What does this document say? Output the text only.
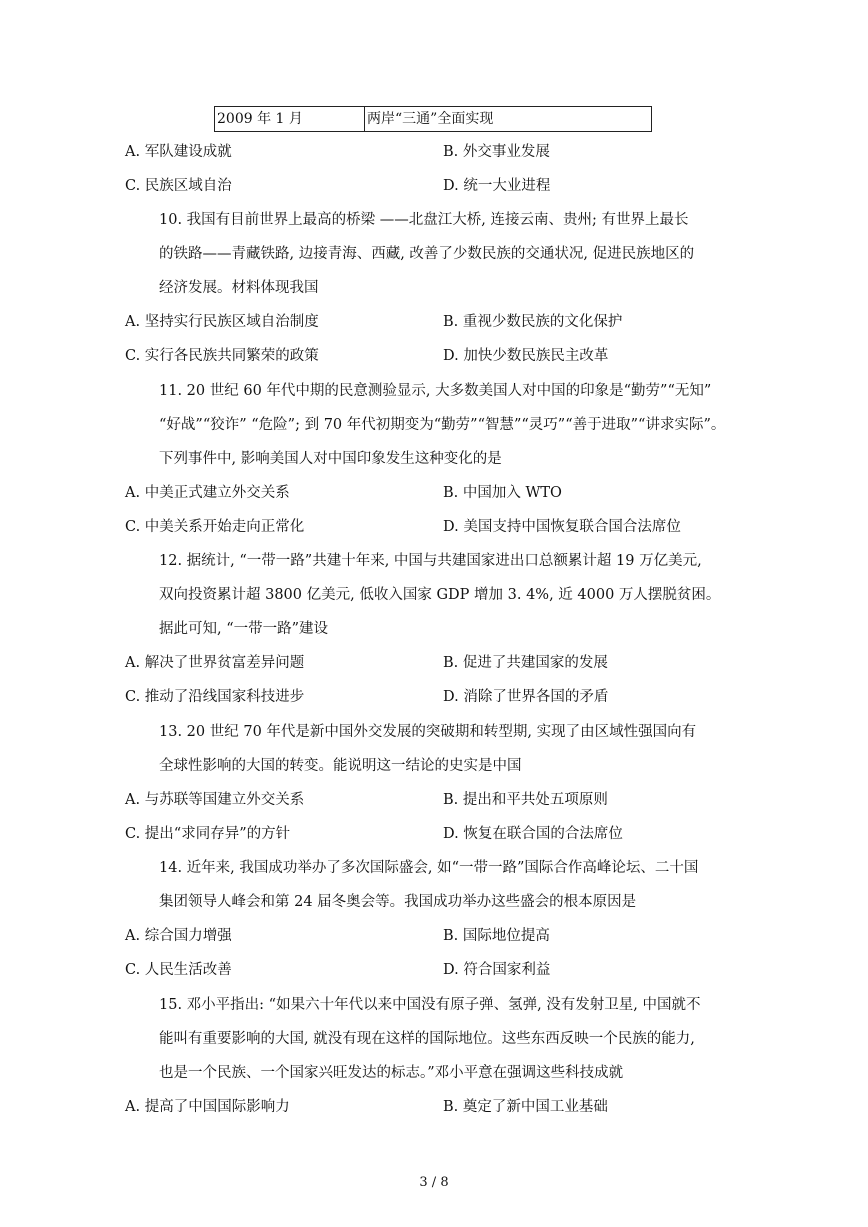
2009 年 1 月	两岸“三通”全面实现
A. 军队建设成就	B. 外交事业发展
C. 民族区域自治	D. 统一大业进程
10. 我国有目前世界上最高的桥梁 ——北盘江大桥, 连接云南、贵州; 有世界上最长
的铁路——青藏铁路, 边接青海、西藏, 改善了少数民族的交通状况, 促进民族地区的
经济发展。材料体现我国
A. 坚持实行民族区域自治制度	B. 重视少数民族的文化保护
C. 实行各民族共同繁荣的政策	D. 加快少数民族民主改革
11. 20 世纪 60 年代中期的民意测验显示, 大多数美国人对中国的印象是“勤劳”“无知”
“好战”“狡诈” “危险”; 到 70 年代初期变为“勤劳”“智慧”“灵巧”“善于进取”“讲求实际”。
下列事件中, 影响美国人对中国印象发生这种变化的是
A. 中美正式建立外交关系	B. 中国加入 WTO
C. 中美关系开始走向正常化	D. 美国支持中国恢复联合国合法席位
12. 据统计, “一带一路”共建十年来, 中国与共建国家进出口总额累计超 19 万亿美元,
双向投资累计超 3800 亿美元, 低收入国家 GDP 增加 3. 4%, 近 4000 万人摆脱贫困。
据此可知, “一带一路”建设
A. 解决了世界贫富差异问题	B. 促进了共建国家的发展
C. 推动了沿线国家科技进步	D. 消除了世界各国的矛盾
13. 20 世纪 70 年代是新中国外交发展的突破期和转型期, 实现了由区域性强国向有
全球性影响的大国的转变。能说明这一结论的史实是中国
A. 与苏联等国建立外交关系	B. 提出和平共处五项原则
C. 提出“求同存异”的方针	D. 恢复在联合国的合法席位
14. 近年来, 我国成功举办了多次国际盛会, 如“一带一路”国际合作高峰论坛、二十国
集团领导人峰会和第 24 届冬奥会等。我国成功举办这些盛会的根本原因是
A. 综合国力增强	B. 国际地位提高
C. 人民生活改善	D. 符合国家利益
15. 邓小平指出: “如果六十年代以来中国没有原子弹、氢弹, 没有发射卫星, 中国就不
能叫有重要影响的大国, 就没有现在这样的国际地位。这些东西反映一个民族的能力,
也是一个民族、一个国家兴旺发达的标志。”邓小平意在强调这些科技成就
A. 提高了中国国际影响力	B. 奠定了新中国工业基础
3 / 8
